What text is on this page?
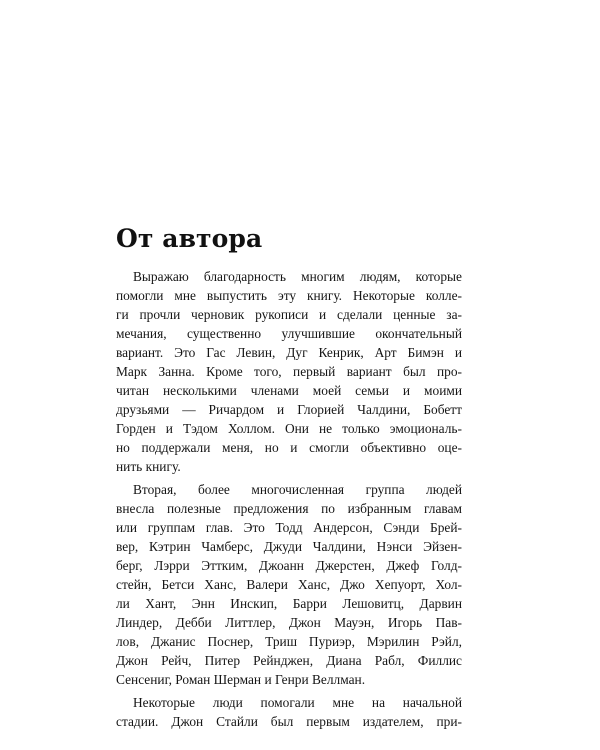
От автора
Выражаю благодарность многим людям, которые
помогли мне выпустить эту книгу. Некоторые колле-
ги прочли черновик рукописи и сделали ценные за-
мечания, существенно улучшившие окончательный
вариант. Это Гас Левин, Дуг Кенрик, Арт Бимэн и
Марк Занна. Кроме того, первый вариант был про-
читан несколькими членами моей семьи и моими
друзьями — Ричардом и Глорией Чалдини, Бобетт
Горден и Тэдом Холлом. Они не только эмоциональ-
но поддержали меня, но и смогли объективно оце-
нить книгу.
Вторая, более многочисленная группа людей
внесла полезные предложения по избранным главам
или группам глав. Это Тодд Андерсон, Сэнди Брей-
вер, Кэтрин Чамберс, Джуди Чалдини, Нэнси Эйзен-
берг, Лэрри Эттким, Джоанн Джерстен, Джеф Голд-
стейн, Бетси Ханс, Валери Ханс, Джо Хепуорт, Хол-
ли Хант, Энн Инскип, Барри Лешовитц, Дарвин
Линдер, Дебби Литтлер, Джон Мауэн, Игорь Пав-
лов, Джанис Поснер, Триш Пуриэр, Мэрилин Рэйл,
Джон Рейч, Питер Рейнджен, Диана Рабл, Филлис
Сенсениг, Роман Шерман и Генри Веллман.
Некоторые люди помогали мне на начальной
стадии. Джон Стайли был первым издателем, при-
